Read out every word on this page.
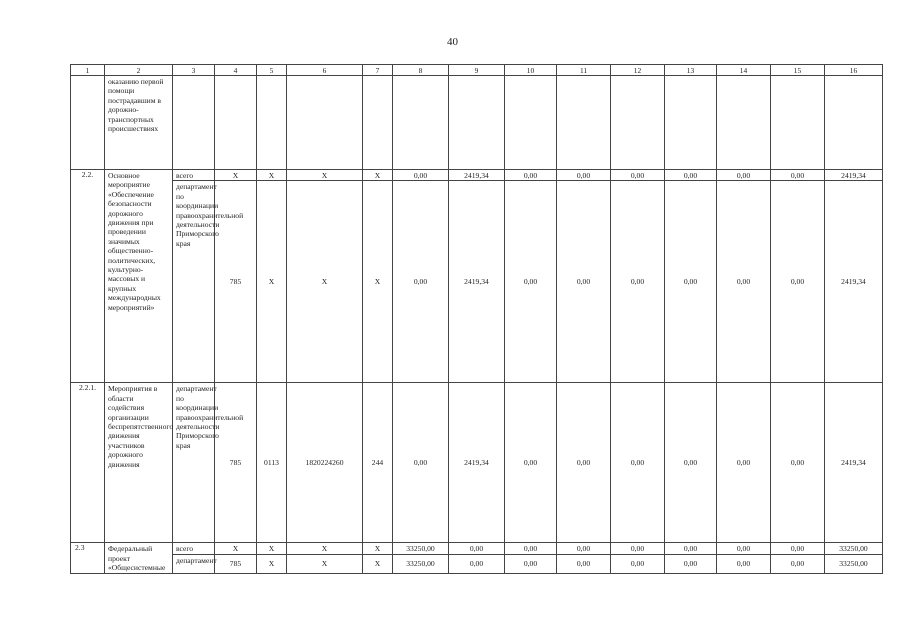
40
1	2	3	4	5	6	7	8	9	10	11	12	13	14	15	16
	оказанию первой помощи пострадавшим в дорожно-транспортных происшествиях														
2.2.	Основное мероприятие «Обеспечение безопасности дорожного движения при проведении значимых общественно-политических, культурно-массовых и крупных международных мероприятий»	всего	Х	Х	Х	Х	0,00	2419,34	0,00	0,00	0,00	0,00	0,00	0,00	2419,34
		департамент по координации правоохранительной деятельности Приморского края	785	Х	Х	Х	0,00	2419,34	0,00	0,00	0,00	0,00	0,00	0,00	2419,34
2.2.1.	Мероприятия в области содействия организации беспрепятственного движения участников дорожного движения	департамент по координации правоохранительной деятельности Приморского края	785	0113	1820224260	244	0,00	2419,34	0,00	0,00	0,00	0,00	0,00	0,00	2419,34
2.3	Федеральный проект «Общесистемные	всего	Х	Х	Х	Х	33250,00	0,00	0,00	0,00	0,00	0,00	0,00	0,00	33250,00
		департамент	785	Х	Х	Х	33250,00	0,00	0,00	0,00	0,00	0,00	0,00	0,00	33250,00
